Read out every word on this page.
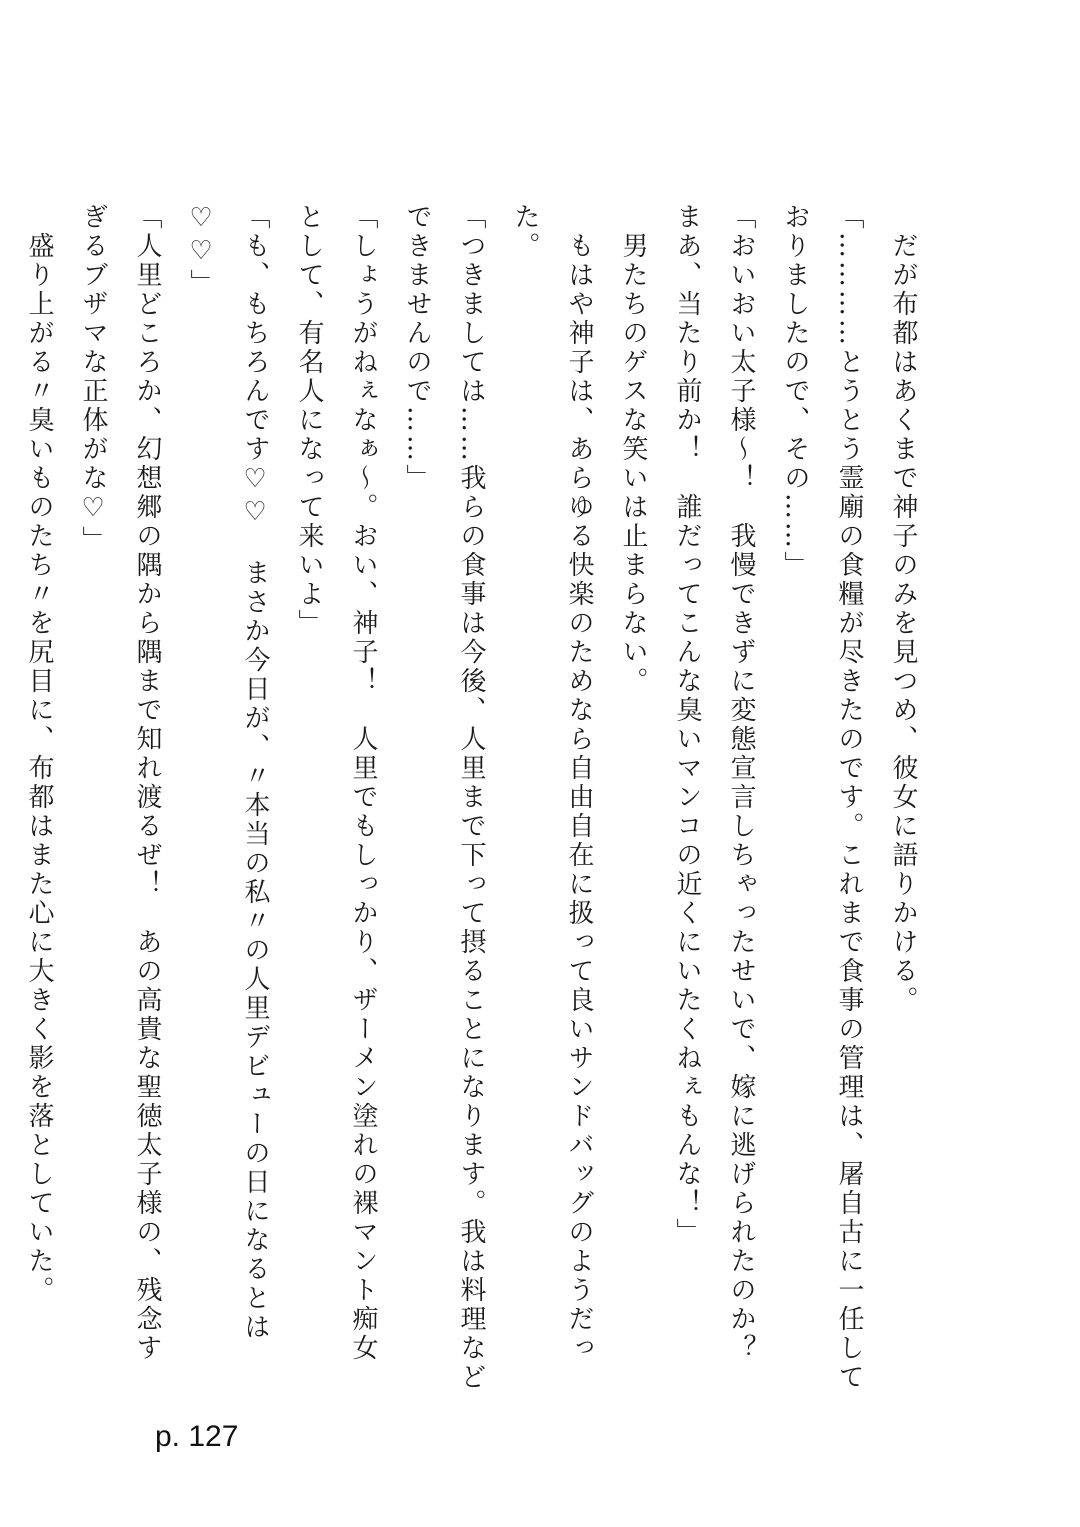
　だが布都はあくまで神子のみを見つめ、彼女に語りかける。

「…………とうとう霊廟の食糧が尽きたのです。これまで食事の管理は、屠自古に一任して

おりましたので、その……」

「おいおい太子様〜！　我慢できずに変態宣言しちゃったせいで、嫁に逃げられたのか？

まあ、当たり前か！　誰だってこんな臭いマンコの近くにいたくねぇもんな！」

　男たちのゲスな笑いは止まらない。

　もはや神子は、あらゆる快楽のためなら自由自在に扱って良いサンドバッグのようだった。

「つきましては……我らの食事は今後、人里まで下って摂ることになります。我は料理など

できませんので……」

「しょうがねぇなぁ〜。おい、神子！　人里でもしっかり、ザーメン塗れの裸マント痴女

として、有名人になって来いよ」

「も、もちろんです♡♡　まさか今日が、〃本当の私〃の人里デビューの日になるとは♡♡」

「人里どころか、幻想郷の隅から隅まで知れ渡るぜ！　あの高貴な聖徳太子様の、残念す

ぎるブザマな正体がな♡」

　盛り上がる〃臭いものたち〃を尻目に、布都はまた心に大きく影を落としていた。

p. 127
